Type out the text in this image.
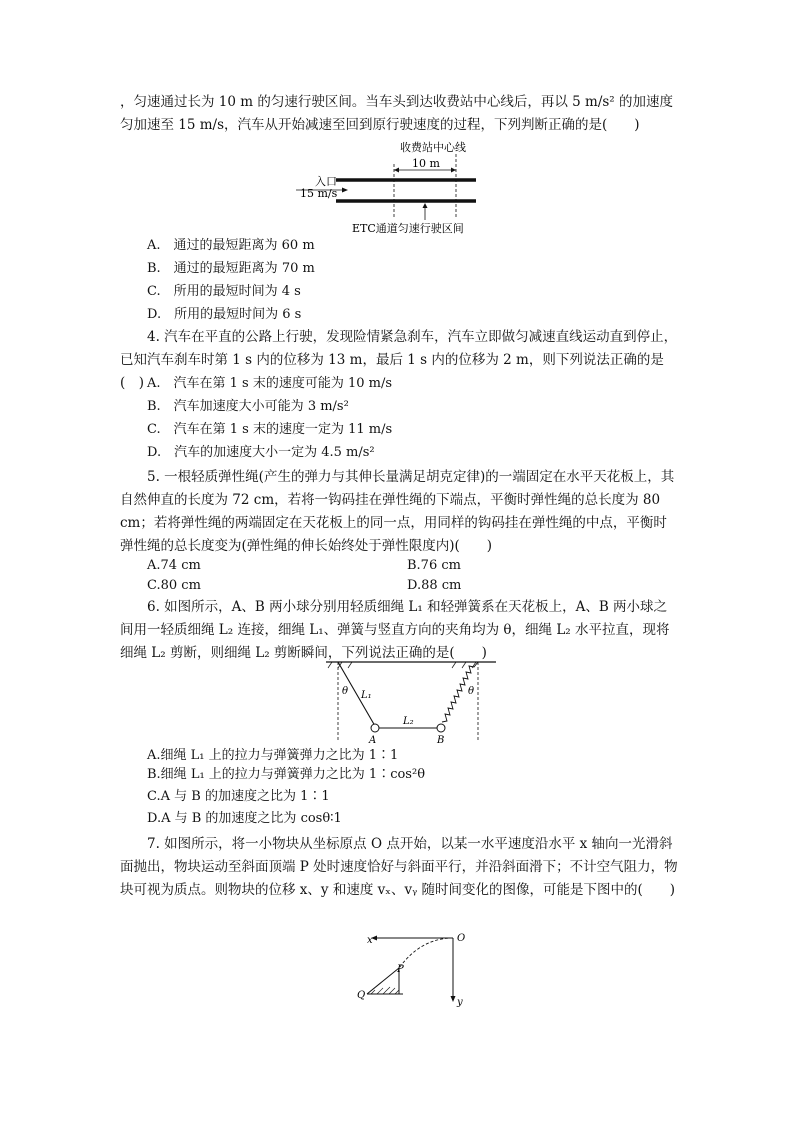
，匀速通过长为 10 m 的匀速行驶区间。当车头到达收费站中心线后，再以 5 m/s² 的加速度匀加速至 15 m/s，汽车从开始减速至回到原行驶速度的过程，下列判断正确的是(　　)

收费站中心线
10 m
入口
15 m/s
ETC通道匀速行驶区间
A.　通过的最短距离为 60 m
B.　通过的最短距离为 70 m
C.　所用的最短时间为 4 s
D.　所用的最短时间为 6 s

4. 汽车在平直的公路上行驶，发现险情紧急刹车，汽车立即做匀减速直线运动直到停止，已知汽车刹车时第 1 s 内的位移为 13 m，最后 1 s 内的位移为 2 m，则下列说法正确的是(　) A.　汽车在第 1 s 末的速度可能为 10 m/s
B.　汽车加速度大小可能为 3 m/s²
C.　汽车在第 1 s 末的速度一定为 11 m/s
D.　汽车的加速度大小一定为 4.5 m/s²

5. 一根轻质弹性绳(产生的弹力与其伸长量满足胡克定律)的一端固定在水平天花板上，其自然伸直的长度为 72 cm，若将一钩码挂在弹性绳的下端点，平衡时弹性绳的总长度为 80 cm；若将弹性绳的两端固定在天花板上的同一点，用同样的钩码挂在弹性绳的中点，平衡时弹性绳的总长度变为(弹性绳的伸长始终处于弹性限度内)(　　)

A.74 cm	B.76 cm
C.80 cm	D.88 cm

6. 如图所示，A、B 两小球分别用轻质细绳 L₁ 和轻弹簧系在天花板上，A、B 两小球之间用一轻质细绳 L₂ 连接，细绳 L₁、弹簧与竖直方向的夹角均为 θ，细绳 L₂ 水平拉直，现将细绳 L₂ 剪断，则细绳 L₂ 剪断瞬间，下列说法正确的是(　　)

θ	θ
L₁
L₂
A	B
A.细绳 L₁ 上的拉力与弹簧弹力之比为 1∶1
B.细绳 L₁ 上的拉力与弹簧弹力之比为 1∶cos²θ
C.A 与 B 的加速度之比为 1∶1
D.A 与 B 的加速度之比为 cosθ∶1

7. 如图所示，将一小物块从坐标原点 O 点开始，以某一水平速度沿水平 x 轴向一光滑斜面抛出，物块运动至斜面顶端 P 处时速度恰好与斜面平行，并沿斜面滑下；不计空气阻力，物块可视为质点。则物块的位移 x、y 和速度 vₓ、vᵧ 随时间变化的图像，可能是下图中的(　　)

x	O
P
Q
y
